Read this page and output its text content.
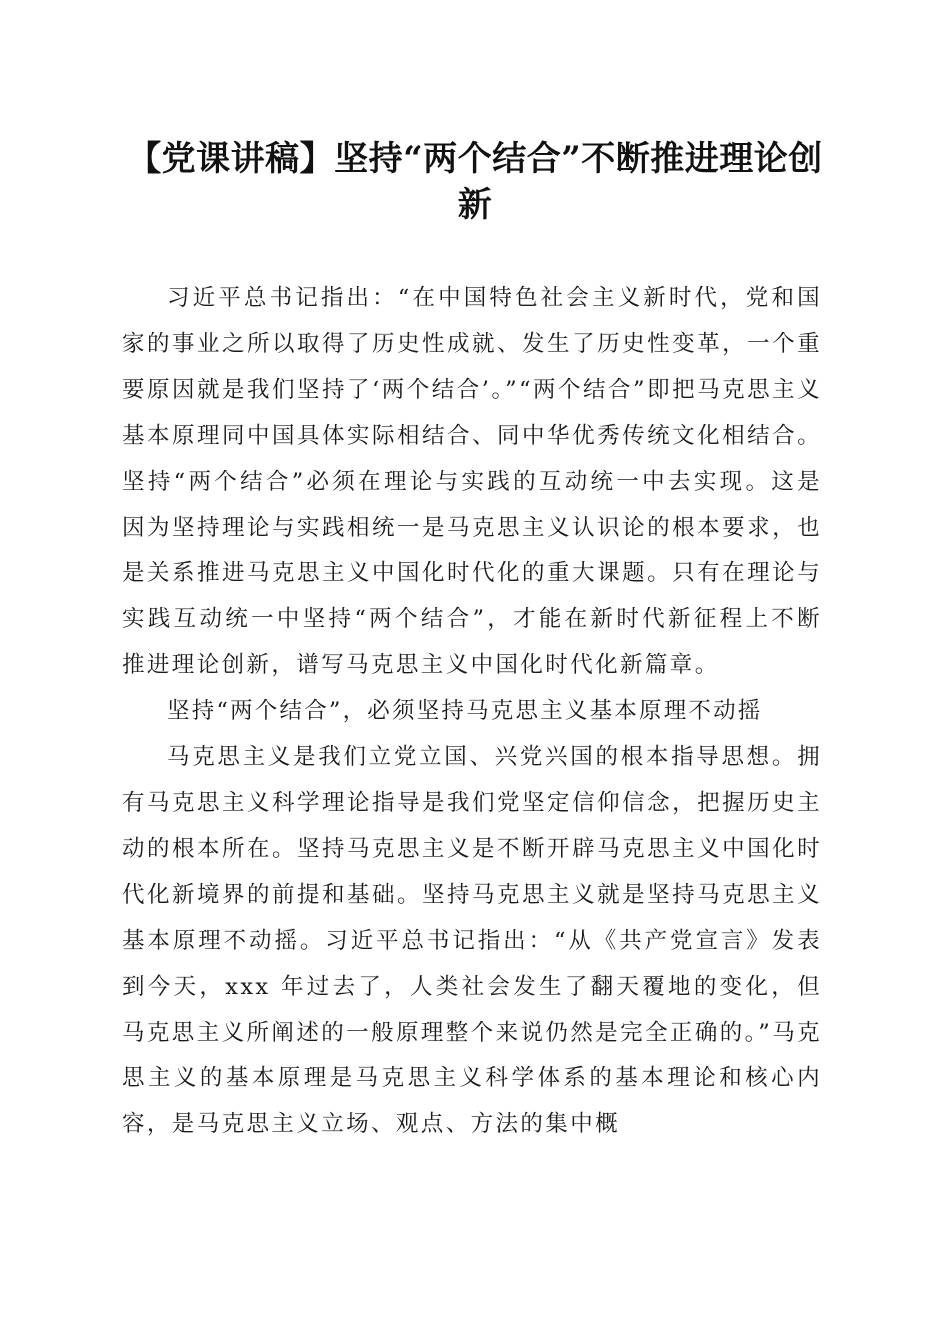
【党课讲稿】坚持“两个结合”不断推进理论创新

习近平总书记指出：“在中国特色社会主义新时代，党和国家的事业之所以取得了历史性成就、发生了历史性变革，一个重要原因就是我们坚持了‘两个结合’。”“两个结合”即把马克思主义基本原理同中国具体实际相结合、同中华优秀传统文化相结合。坚持“两个结合”必须在理论与实践的互动统一中去实现。这是因为坚持理论与实践相统一是马克思主义认识论的根本要求，也是关系推进马克思主义中国化时代化的重大课题。只有在理论与实践互动统一中坚持“两个结合”，才能在新时代新征程上不断推进理论创新，谱写马克思主义中国化时代化新篇章。

坚持“两个结合”，必须坚持马克思主义基本原理不动摇

马克思主义是我们立党立国、兴党兴国的根本指导思想。拥有马克思主义科学理论指导是我们党坚定信仰信念，把握历史主动的根本所在。坚持马克思主义是不断开辟马克思主义中国化时代化新境界的前提和基础。坚持马克思主义就是坚持马克思主义基本原理不动摇。习近平总书记指出：“从《共产党宣言》发表到今天，xxx 年过去了，人类社会发生了翻天覆地的变化，但马克思主义所阐述的一般原理整个来说仍然是完全正确的。”马克思主义的基本原理是马克思主义科学体系的基本理论和核心内容，是马克思主义立场、观点、方法的集中概
